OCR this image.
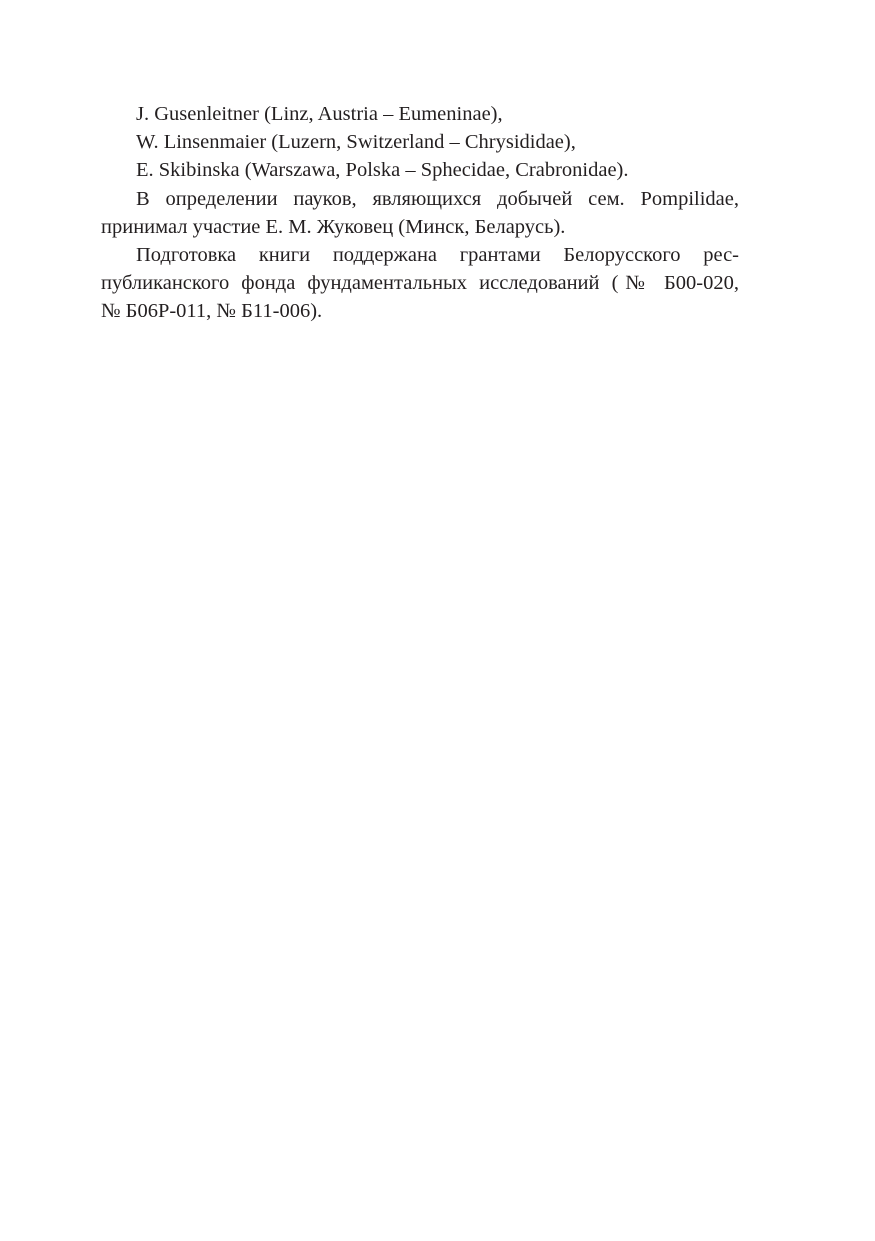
J. Gusenleitner (Linz, Austria – Eumeninae),
W. Linsenmaier (Luzern, Switzerland – Chrysididae),
E. Skibinska (Warszawa, Polska – Sphecidae, Crabronidae).
В определении пауков, являющихся добычей сем. Pompilidae,
принимал участие Е. М. Жуковец (Минск, Беларусь).
Подготовка книги поддержана грантами Белорусского рес-
публиканского фонда фундаментальных исследований (№ Б00-020,
№ Б06Р-011, № Б11-006).
